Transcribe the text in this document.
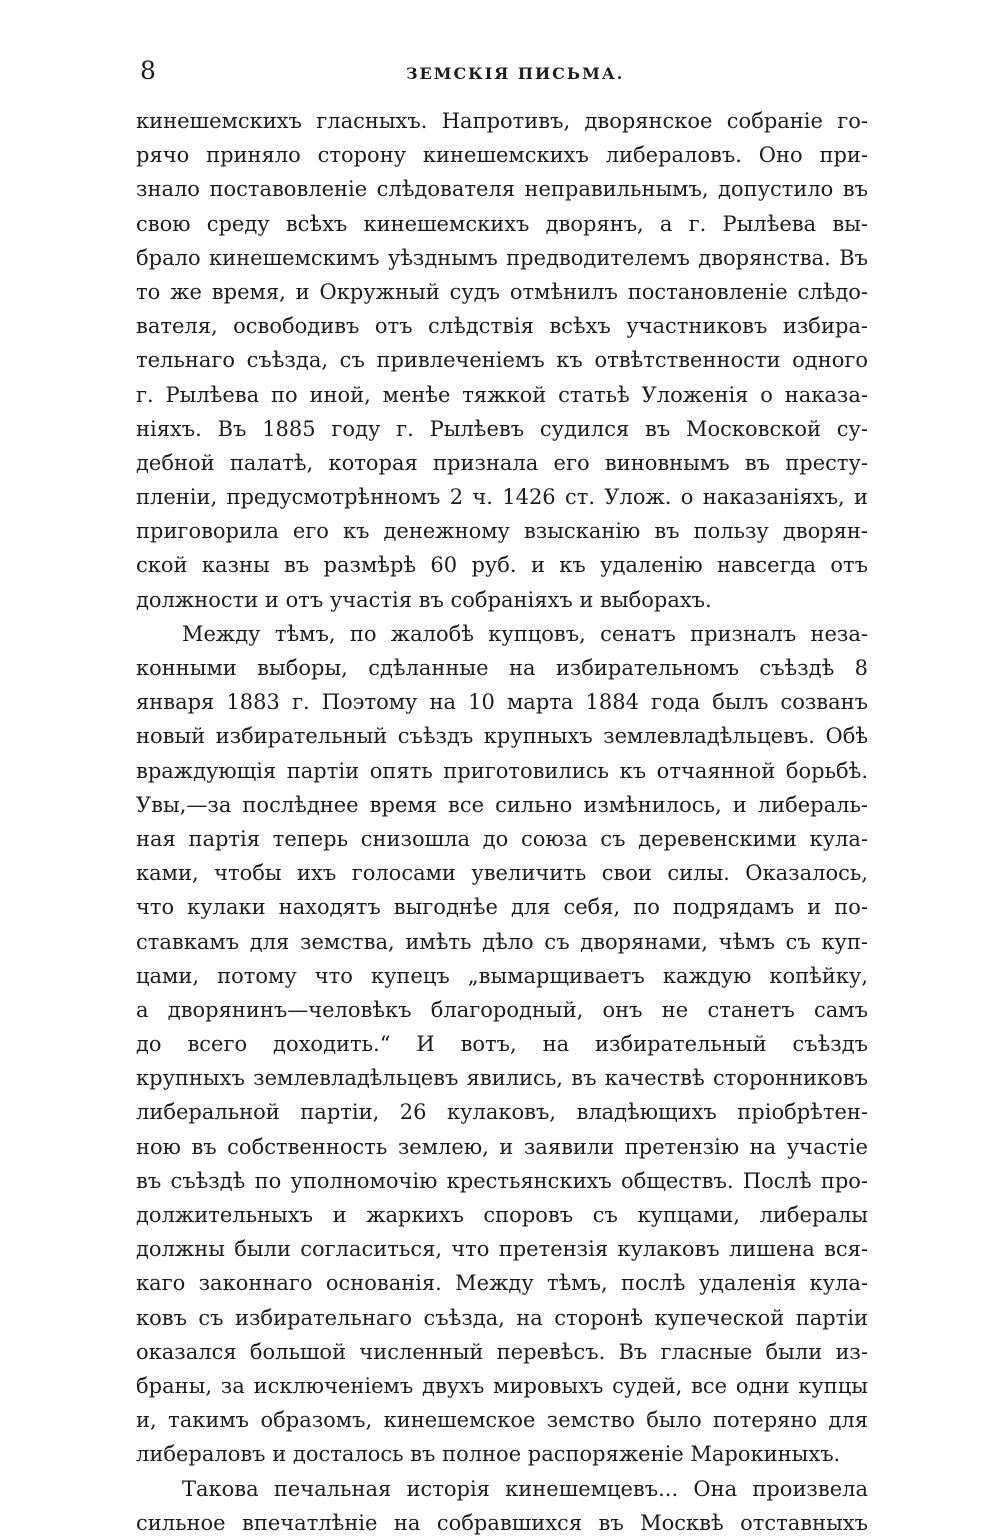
8	ЗЕМСКІЯ ПИСЬМА.
кинешемскихъ гласныхъ. Напротивъ, дворянское собраніе го-
рячо приняло сторону кинешемскихъ либераловъ. Оно при-
знало поставовленіе слѣдователя неправильнымъ, допустило въ
свою среду всѣхъ кинешемскихъ дворянъ, а г. Рылѣева вы-
брало кинешемскимъ уѣзднымъ предводителемъ дворянства. Въ
то же время, и Окружный судъ отмѣнилъ постановленіе слѣдо-
вателя, освободивъ отъ слѣдствія всѣхъ участниковъ избира-
тельнаго съѣзда, съ привлеченіемъ къ отвѣтственности одного
г. Рылѣева по иной, менѣе тяжкой статьѣ Уложенія о наказа-
ніяхъ. Въ 1885 году г. Рылѣевъ судился въ Московской су-
дебной палатѣ, которая признала его виновнымъ въ престу-
пленіи, предусмотрѣнномъ 2 ч. 1426 ст. Улож. о наказаніяхъ, и
приговорила его къ денежному взысканію въ пользу дворян-
ской казны въ размѣрѣ 60 руб. и къ удаленію навсегда отъ
должности и отъ участія въ собраніяхъ и выборахъ.
Между тѣмъ, по жалобѣ купцовъ, сенатъ призналъ неза-
конными выборы, сдѣланные на избирательномъ съѣздѣ 8
января 1883 г. Поэтому на 10 марта 1884 года былъ созванъ
новый избирательный съѣздъ крупныхъ землевладѣльцевъ. Обѣ
враждующія партіи опять приготовились къ отчаянной борьбѣ.
Увы,—за послѣднее время все сильно измѣнилось, и либераль-
ная партія теперь снизошла до союза съ деревенскими кула-
ками, чтобы ихъ голосами увеличить свои силы. Оказалось,
что кулаки находятъ выгоднѣе для себя, по подрядамъ и по-
ставкамъ для земства, имѣть дѣло съ дворянами, чѣмъ съ куп-
цами, потому что купецъ „вымарщиваетъ каждую копѣйку,
а дворянинъ—человѣкъ благородный, онъ не станетъ самъ
до всего доходить.“ И вотъ, на избирательный съѣздъ
крупныхъ землевладѣльцевъ явились, въ качествѣ сторонниковъ
либеральной партіи, 26 кулаковъ, владѣющихъ пріобрѣтен-
ною въ собственность землею, и заявили претензію на участіе
въ съѣздѣ по уполномочію крестьянскихъ обществъ. Послѣ про-
должительныхъ и жаркихъ споровъ съ купцами, либералы
должны были согласиться, что претензія кулаковъ лишена вся-
каго законнаго основанія. Между тѣмъ, послѣ удаленія кула-
ковъ съ избирательнаго съѣзда, на сторонѣ купеческой партіи
оказался большой численный перевѣсъ. Въ гласные были из-
браны, за исключеніемъ двухъ мировыхъ судей, все одни купцы
и, такимъ образомъ, кинешемское земство было потеряно для
либераловъ и досталось въ полное распоряженіе Марокиныхъ.
Такова печальная исторія кинешемцевъ... Она произвела
сильное впечатлѣніе на собравшихся въ Москвѣ отставныхъ
